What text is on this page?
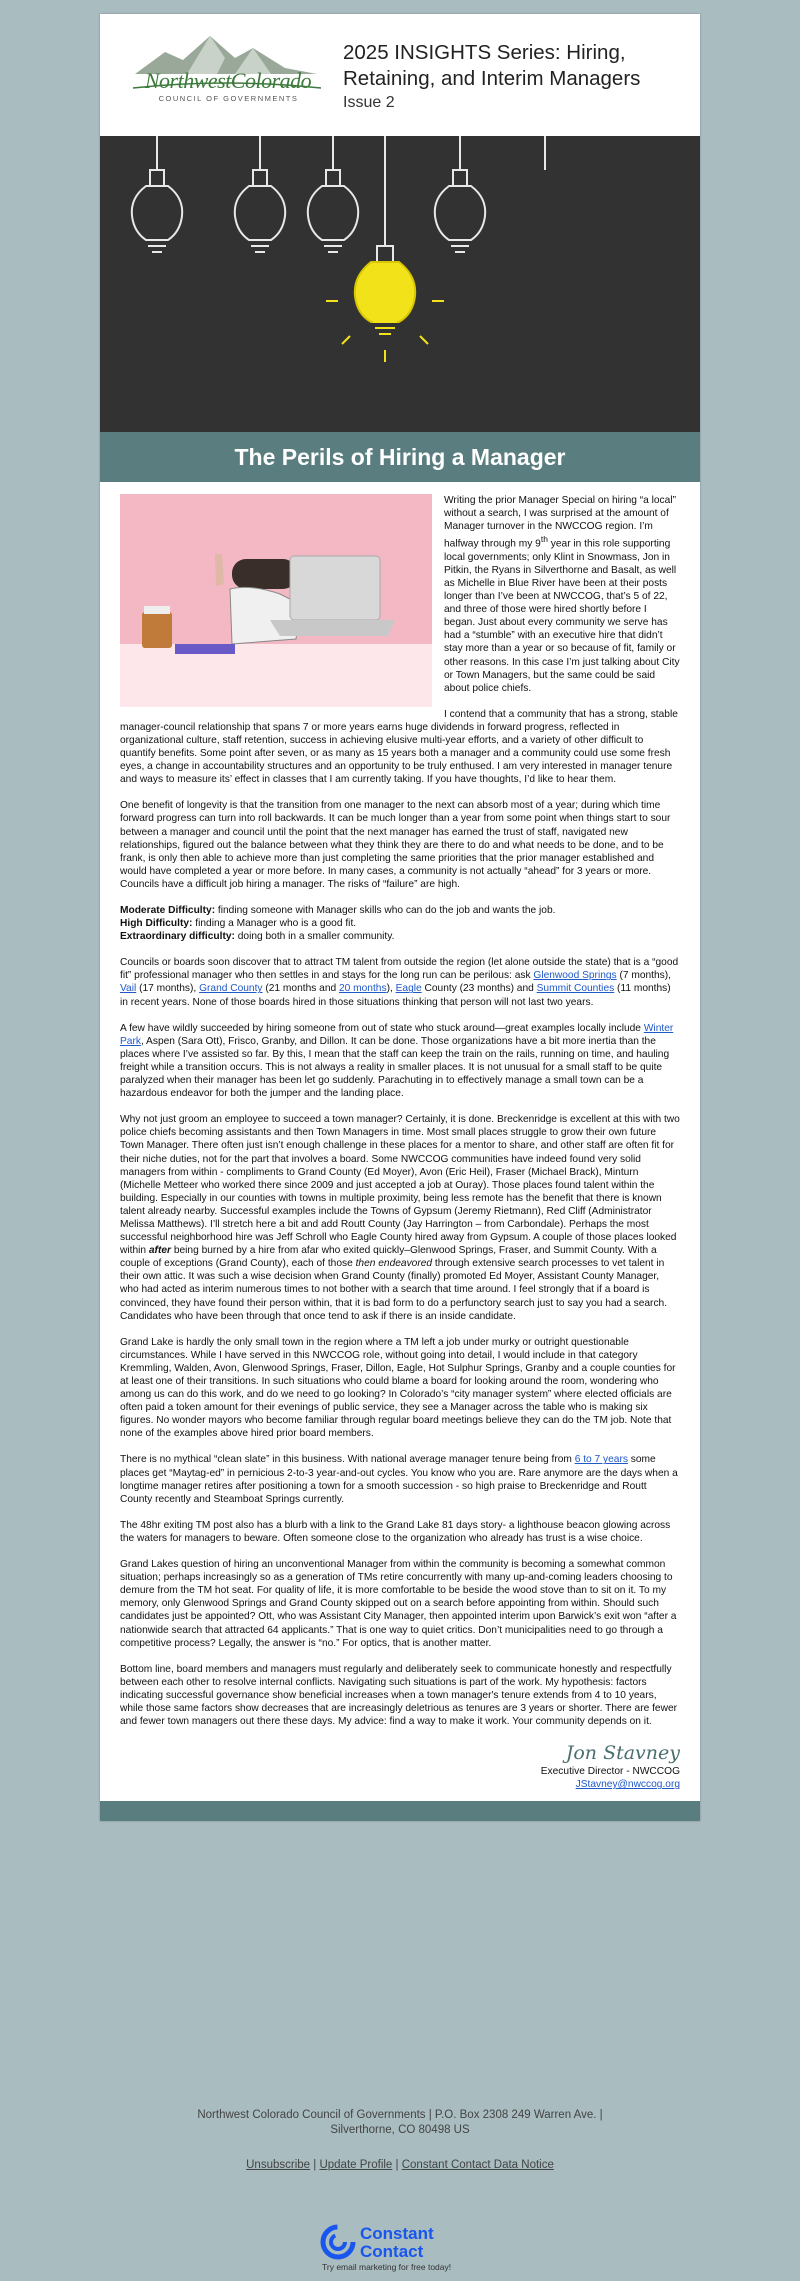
NorthwestColorado
COUNCIL OF GOVERNMENTS
2025 INSIGHTS Series: Hiring, Retaining, and Interim Managers
Issue 2
The Perils of Hiring a Manager

Writing the prior Manager Special on hiring “a local” without a search, I was surprised at the amount of Manager turnover in the NWCCOG region. I’m halfway through my 9th year in this role supporting local governments; only Klint in Snowmass, Jon in Pitkin, the Ryans in Silverthorne and Basalt, as well as Michelle in Blue River have been at their posts longer than I’ve been at NWCCOG, that’s 5 of 22, and three of those were hired shortly before I began. Just about every community we serve has had a “stumble” with an executive hire that didn’t stay more than a year or so because of fit, family or other reasons. In this case I’m just talking about City or Town Managers, but the same could be said about police chiefs.

I contend that a community that has a strong, stable manager-council relationship that spans 7 or more years earns huge dividends in forward progress, reflected in organizational culture, staff retention, success in achieving elusive multi-year efforts, and a variety of other difficult to quantify benefits. Some point after seven, or as many as 15 years both a manager and a community could use some fresh eyes, a change in accountability structures and an opportunity to be truly enthused. I am very interested in manager tenure and ways to measure its’ effect in classes that I am currently taking. If you have thoughts, I’d like to hear them.

One benefit of longevity is that the transition from one manager to the next can absorb most of a year; during which time forward progress can turn into roll backwards. It can be much longer than a year from some point when things start to sour between a manager and council until the point that the next manager has earned the trust of staff, navigated new relationships, figured out the balance between what they think they are there to do and what needs to be done, and to be frank, is only then able to achieve more than just completing the same priorities that the prior manager established and would have completed a year or more before. In many cases, a community is not actually “ahead” for 3 years or more. Councils have a difficult job hiring a manager. The risks of “failure” are high.

Moderate Difficulty: finding someone with Manager skills who can do the job and wants the job.
High Difficulty: finding a Manager who is a good fit.
Extraordinary difficulty: doing both in a smaller community.

Councils or boards soon discover that to attract TM talent from outside the region (let alone outside the state) that is a “good fit” professional manager who then settles in and stays for the long run can be perilous: ask Glenwood Springs (7 months), Vail (17 months), Grand County (21 months and 20 months), Eagle County (23 months) and Summit Counties (11 months) in recent years. None of those boards hired in those situations thinking that person will not last two years.

A few have wildly succeeded by hiring someone from out of state who stuck around—great examples locally include Winter Park, Aspen (Sara Ott), Frisco, Granby, and Dillon. It can be done. Those organizations have a bit more inertia than the places where I’ve assisted so far. By this, I mean that the staff can keep the train on the rails, running on time, and hauling freight while a transition occurs. This is not always a reality in smaller places. It is not unusual for a small staff to be quite paralyzed when their manager has been let go suddenly. Parachuting in to effectively manage a small town can be a hazardous endeavor for both the jumper and the landing place.

Why not just groom an employee to succeed a town manager? Certainly, it is done. Breckenridge is excellent at this with two police chiefs becoming assistants and then Town Managers in time. Most small places struggle to grow their own future Town Manager. There often just isn’t enough challenge in these places for a mentor to share, and other staff are often fit for their niche duties, not for the part that involves a board. Some NWCCOG communities have indeed found very solid managers from within - compliments to Grand County (Ed Moyer), Avon (Eric Heil), Fraser (Michael Brack), Minturn (Michelle Metteer who worked there since 2009 and just accepted a job at Ouray). Those places found talent within the building. Especially in our counties with towns in multiple proximity, being less remote has the benefit that there is known talent already nearby. Successful examples include the Towns of Gypsum (Jeremy Rietmann), Red Cliff (Administrator Melissa Matthews). I’ll stretch here a bit and add Routt County (Jay Harrington – from Carbondale). Perhaps the most successful neighborhood hire was Jeff Schroll who Eagle County hired away from Gypsum. A couple of those places looked within after being burned by a hire from afar who exited quickly–Glenwood Springs, Fraser, and Summit County. With a couple of exceptions (Grand County), each of those then endeavored through extensive search processes to vet talent in their own attic. It was such a wise decision when Grand County (finally) promoted Ed Moyer, Assistant County Manager, who had acted as interim numerous times to not bother with a search that time around. I feel strongly that if a board is convinced, they have found their person within, that it is bad form to do a perfunctory search just to say you had a search. Candidates who have been through that once tend to ask if there is an inside candidate.

Grand Lake is hardly the only small town in the region where a TM left a job under murky or outright questionable circumstances. While I have served in this NWCCOG role, without going into detail, I would include in that category Kremmling, Walden, Avon, Glenwood Springs, Fraser, Dillon, Eagle, Hot Sulphur Springs, Granby and a couple counties for at least one of their transitions. In such situations who could blame a board for looking around the room, wondering who among us can do this work, and do we need to go looking? In Colorado’s “city manager system” where elected officials are often paid a token amount for their evenings of public service, they see a Manager across the table who is making six figures. No wonder mayors who become familiar through regular board meetings believe they can do the TM job. Note that none of the examples above hired prior board members.

There is no mythical “clean slate” in this business. With national average manager tenure being from 6 to 7 years some places get “Maytag-ed” in pernicious 2-to-3 year-and-out cycles. You know who you are. Rare anymore are the days when a longtime manager retires after positioning a town for a smooth succession - so high praise to Breckenridge and Routt County recently and Steamboat Springs currently.

The 48hr exiting TM post also has a blurb with a link to the Grand Lake 81 days story- a lighthouse beacon glowing across the waters for managers to beware. Often someone close to the organization who already has trust is a wise choice.

Grand Lakes question of hiring an unconventional Manager from within the community is becoming a somewhat common situation; perhaps increasingly so as a generation of TMs retire concurrently with many up-and-coming leaders choosing to demure from the TM hot seat. For quality of life, it is more comfortable to be beside the wood stove than to sit on it. To my memory, only Glenwood Springs and Grand County skipped out on a search before appointing from within. Should such candidates just be appointed? Ott, who was Assistant City Manager, then appointed interim upon Barwick’s exit won “after a nationwide search that attracted 64 applicants.” That is one way to quiet critics. Don’t municipalities need to go through a competitive process? Legally, the answer is “no.” For optics, that is another matter.

Bottom line, board members and managers must regularly and deliberately seek to communicate honestly and respectfully between each other to resolve internal conflicts. Navigating such situations is part of the work. My hypothesis: factors indicating successful governance show beneficial increases when a town manager's tenure extends from 4 to 10 years, while those same factors show decreases that are increasingly deletrious as tenures are 3 years or shorter. There are fewer and fewer town managers out there these days. My advice: find a way to make it work. Your community depends on it.

Jon Stavney
Executive Director - NWCCOG
JStavney@nwccog.org
Northwest Colorado Council of Governments | P.O. Box 2308 249 Warren Ave. |
Silverthorne, CO 80498 US
Unsubscribe | Update Profile | Constant Contact Data Notice
Constant
Contact
Try email marketing for free today!
